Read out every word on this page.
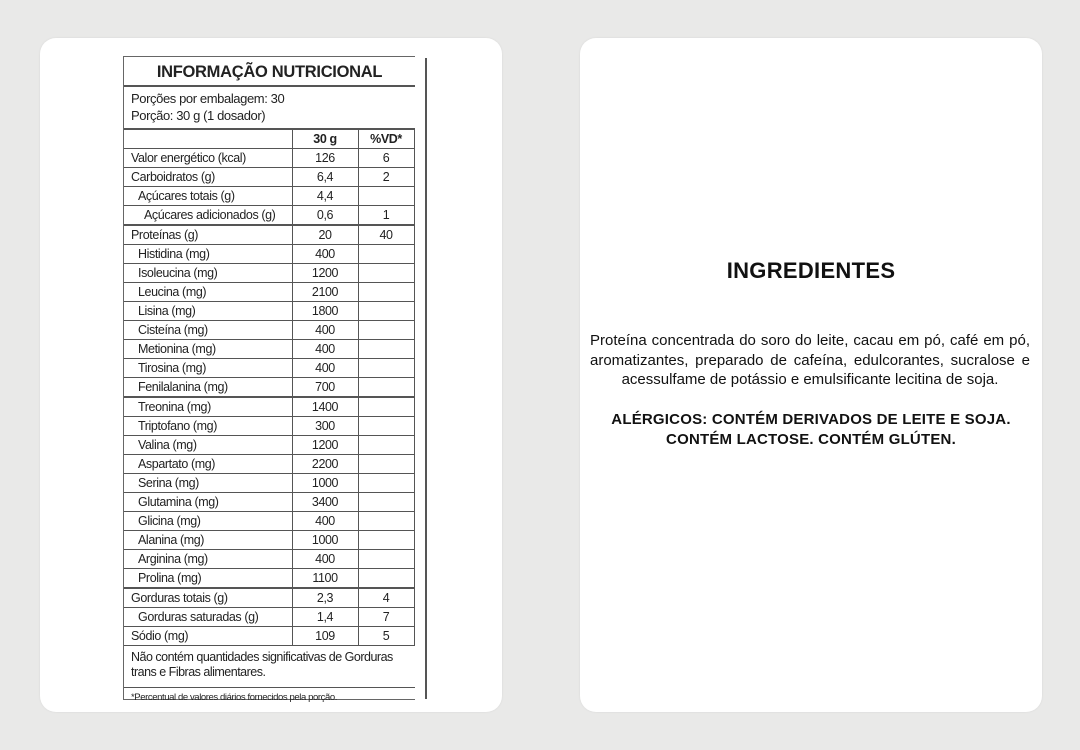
INFORMAÇÃO NUTRICIONAL
Porções por embalagem: 30
Porção: 30 g (1 dosador)
	30 g	%VD*
Valor energético (kcal)	126	6
Carboidratos (g)	6,4	2
Açúcares totais (g)	4,4	
Açúcares adicionados (g)	0,6	1
Proteínas (g)	20	40
Histidina (mg)	400	
Isoleucina (mg)	1200	
Leucina (mg)	2100	
Lisina (mg)	1800	
Cisteína (mg)	400	
Metionina (mg)	400	
Tirosina (mg)	400	
Fenilalanina (mg)	700	
Treonina (mg)	1400	
Triptofano (mg)	300	
Valina (mg)	1200	
Aspartato (mg)	2200	
Serina (mg)	1000	
Glutamina (mg)	3400	
Glicina (mg)	400	
Alanina (mg)	1000	
Arginina (mg)	400	
Prolina (mg)	1100	
Gorduras totais (g)	2,3	4
Gorduras saturadas (g)	1,4	7
Sódio (mg)	109	5
Não contém quantidades significativas de Gorduras trans e Fibras alimentares.
*Percentual de valores diários fornecidos pela porção.
INGREDIENTES
Proteína concentrada do soro do leite, cacau em pó, café em pó, aromatizantes, preparado de cafeína, edulcorantes, sucralose e acessulfame de potássio e emulsificante lecitina de soja.
ALÉRGICOS: CONTÉM DERIVADOS DE LEITE E SOJA. CONTÉM LACTOSE. CONTÉM GLÚTEN.
